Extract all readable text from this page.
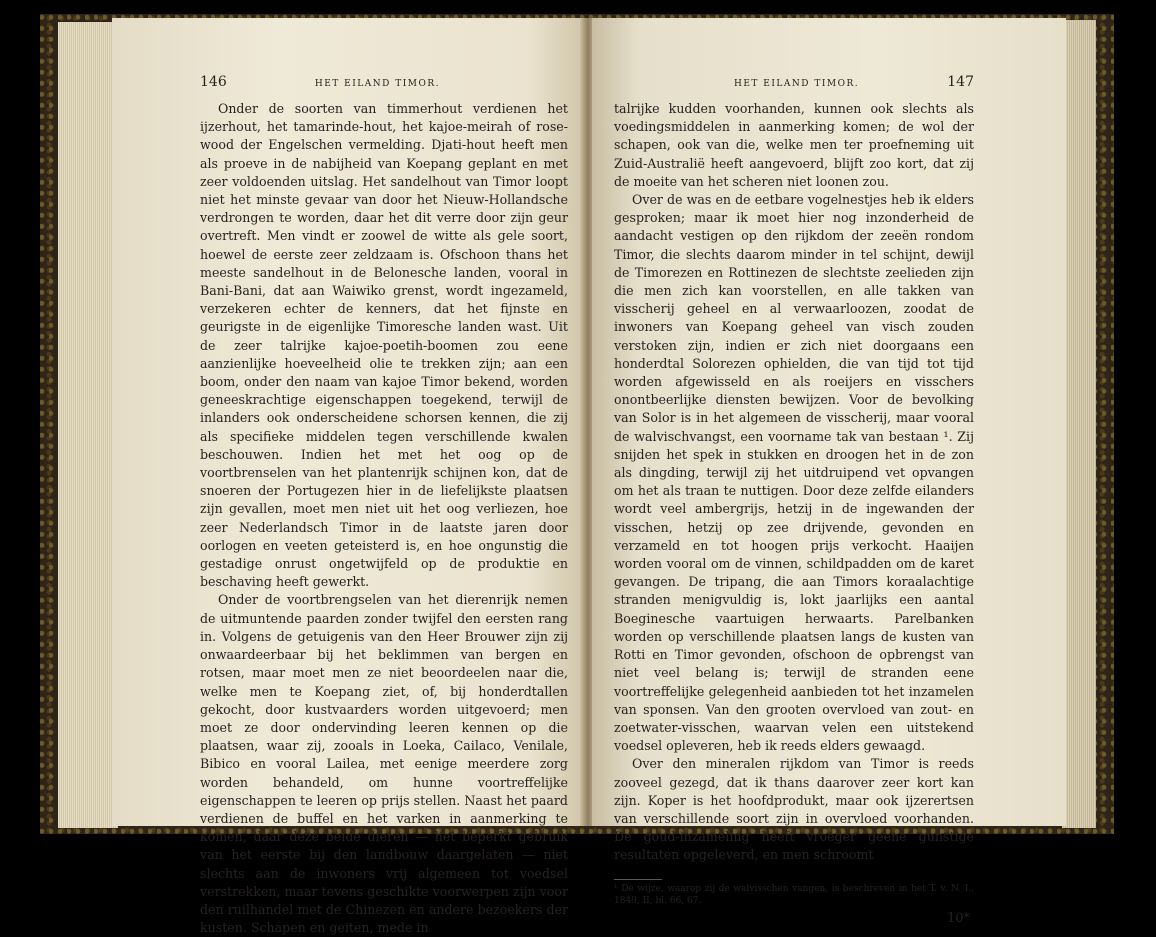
146	HET EILAND TIMOR.

Onder de soorten van timmerhout verdienen het ijzerhout, het tamarinde-hout, het kajoe-meirah of rose-wood der Engelschen vermelding. Djati-hout heeft men als proeve in de nabijheid van Koepang geplant en met zeer voldoenden uitslag. Het sandelhout van Timor loopt niet het minste gevaar van door het Nieuw-Hollandsche verdrongen te worden, daar het dit verre door zijn geur overtreft. Men vindt er zoowel de witte als gele soort, hoewel de eerste zeer zeldzaam is. Ofschoon thans het meeste sandelhout in de Belonesche landen, vooral in Bani-Bani, dat aan Waiwiko grenst, wordt ingezameld, verzekeren echter de kenners, dat het fijnste en geurigste in de eigenlijke Timoresche landen wast. Uit de zeer talrijke kajoe-poetih-boomen zou eene aanzienlijke hoeveelheid olie te trekken zijn; aan een boom, onder den naam van kajoe Timor bekend, worden geneeskrachtige eigenschappen toegekend, terwijl de inlanders ook onderscheidene schorsen kennen, die zij als specifieke middelen tegen verschillende kwalen beschouwen. Indien het met het oog op de voortbrenselen van het plantenrijk schijnen kon, dat de snoeren der Portugezen hier in de liefelijkste plaatsen zijn gevallen, moet men niet uit het oog verliezen, hoe zeer Nederlandsch Timor in de laatste jaren door oorlogen en veeten geteisterd is, en hoe ongunstig die gestadige onrust ongetwijfeld op de produktie en beschaving heeft gewerkt.

Onder de voortbrengselen van het dierenrijk nemen de uitmuntende paarden zonder twijfel den eersten rang in. Volgens de getuigenis van den Heer Brouwer zijn zij onwaardeerbaar bij het beklimmen van bergen en rotsen, maar moet men ze niet beoordeelen naar die, welke men te Koepang ziet, of, bij honderdtallen gekocht, door kustvaarders worden uitgevoerd; men moet ze door ondervinding leeren kennen op die plaatsen, waar zij, zooals in Loeka, Cailaco, Venilale, Bibico en vooral Lailea, met eenige meerdere zorg worden behandeld, om hunne voortreffelijke eigenschappen te leeren op prijs stellen. Naast het paard verdienen de buffel en het varken in aanmerking te komen, daar deze beide dieren — het beperkt gebruik van het eerste bij den landbouw daargelaten — niet slechts aan de inwoners vrij algemeen tot voedsel verstrekken, maar tevens geschikte voorwerpen zijn voor den ruilhandel met de Chinezen en andere bezoekers der kusten. Schapen en geiten, mede in

HET EILAND TIMOR.	147

talrijke kudden voorhanden, kunnen ook slechts als voedingsmiddelen in aanmerking komen; de wol der schapen, ook van die, welke men ter proefneming uit Zuid-Australië heeft aangevoerd, blijft zoo kort, dat zij de moeite van het scheren niet loonen zou.

Over de was en de eetbare vogelnestjes heb ik elders gesproken; maar ik moet hier nog inzonderheid de aandacht vestigen op den rijkdom der zeeën rondom Timor, die slechts daarom minder in tel schijnt, dewijl de Timorezen en Rottinezen de slechtste zeelieden zijn die men zich kan voorstellen, en alle takken van visscherij geheel en al verwaarloozen, zoodat de inwoners van Koepang geheel van visch zouden verstoken zijn, indien er zich niet doorgaans een honderdtal Solorezen ophielden, die van tijd tot tijd worden afgewisseld en als roeijers en visschers onontbeerlijke diensten bewijzen. Voor de bevolking van Solor is in het algemeen de visscherij, maar vooral de walvischvangst, een voorname tak van bestaan ¹. Zij snijden het spek in stukken en droogen het in de zon als dingding, terwijl zij het uitdruipend vet opvangen om het als traan te nuttigen. Door deze zelfde eilanders wordt veel ambergrijs, hetzij in de ingewanden der visschen, hetzij op zee drijvende, gevonden en verzameld en tot hoogen prijs verkocht. Haaijen worden vooral om de vinnen, schildpadden om de karet gevangen. De tripang, die aan Timors koraalachtige stranden menigvuldig is, lokt jaarlijks een aantal Boeginesche vaartuigen herwaarts. Parelbanken worden op verschillende plaatsen langs de kusten van Rotti en Timor gevonden, ofschoon de opbrengst van niet veel belang is; terwijl de stranden eene voortreffelijke gelegenheid aanbieden tot het inzamelen van sponsen. Van den grooten overvloed van zout- en zoetwater-visschen, waarvan velen een uitstekend voedsel opleveren, heb ik reeds elders gewaagd.

Over den mineralen rijkdom van Timor is reeds zooveel gezegd, dat ik thans daarover zeer kort kan zijn. Koper is het hoofdprodukt, maar ook ijzerertsen van verschillende soort zijn in overvloed voorhanden. De goud-inzameling heeft vroeger geene gunstige resultaten opgeleverd, en men schroomt

¹ De wijze, waarop zij de walvisschen vangen, is beschreven in het T. v. N. I., 1849, II, bl. 66, 67.
10*
